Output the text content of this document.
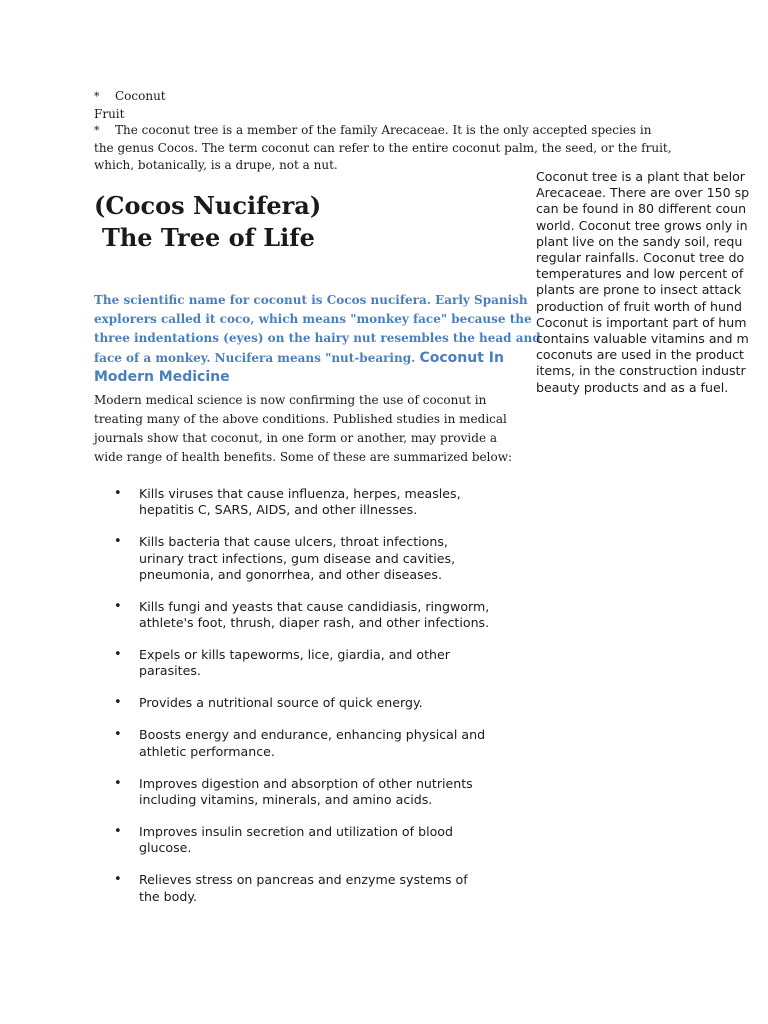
* Coconut
Fruit
* The coconut tree is a member of the family Arecaceae. It is the only accepted species in
the genus Cocos. The term coconut can refer to the entire coconut palm, the seed, or the fruit,
which, botanically, is a drupe, not a nut.
(Cocos Nucifera)
The Tree of Life
The scientific name for coconut is Cocos nucifera. Early Spanish
explorers called it coco, which means "monkey face" because the
three indentations (eyes) on the hairy nut resembles the head and
face of a monkey. Nucifera means "nut-bearing. Coconut In
Modern Medicine
Modern medical science is now confirming the use of coconut in
treating many of the above conditions. Published studies in medical
journals show that coconut, in one form or another, may provide a
wide range of health benefits. Some of these are summarized below:
• Kills viruses that cause influenza, herpes, measles,
hepatitis C, SARS, AIDS, and other illnesses.
• Kills bacteria that cause ulcers, throat infections,
urinary tract infections, gum disease and cavities,
pneumonia, and gonorrhea, and other diseases.
• Kills fungi and yeasts that cause candidiasis, ringworm,
athlete's foot, thrush, diaper rash, and other infections.
• Expels or kills tapeworms, lice, giardia, and other
parasites.
• Provides a nutritional source of quick energy.
• Boosts energy and endurance, enhancing physical and
athletic performance.
• Improves digestion and absorption of other nutrients
including vitamins, minerals, and amino acids.
• Improves insulin secretion and utilization of blood
glucose.
• Relieves stress on pancreas and enzyme systems of
the body.
Coconut tree is a plant that belor
Arecaceae. There are over 150 sp
can be found in 80 different coun
world. Coconut tree grows only in
plant live on the sandy soil, requ
regular rainfalls. Coconut tree do
temperatures and low percent of
plants are prone to insect attack
production of fruit worth of hund
Coconut is important part of hum
contains valuable vitamins and m
coconuts are used in the product
items, in the construction industr
beauty products and as a fuel.
